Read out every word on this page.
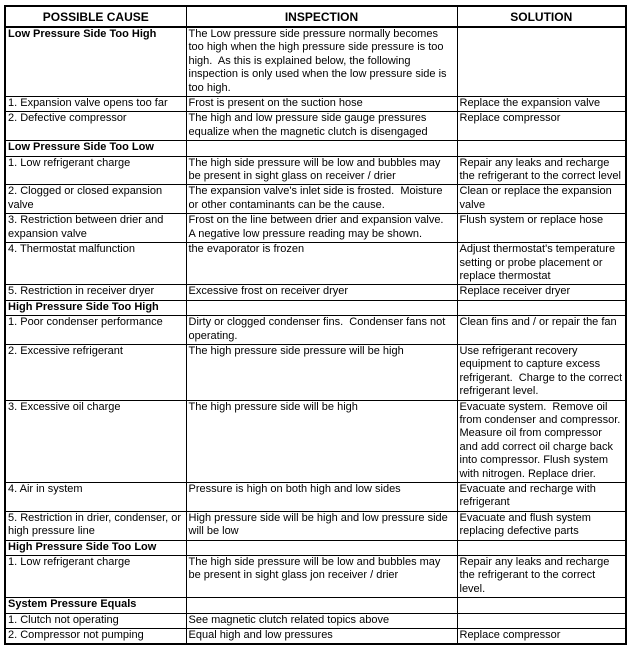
POSSIBLE CAUSE	INSPECTION	SOLUTION
Low Pressure Side Too High	The Low pressure side pressure normally becomes too high when the high pressure side pressure is too high.  As this is explained below, the following inspection is only used when the low pressure side is too high.	
1. Expansion valve opens too far	Frost is present on the suction hose	Replace the expansion valve
2. Defective compressor	The high and low pressure side gauge pressures equalize when the magnetic clutch is disengaged	Replace compressor
Low Pressure Side Too Low		
1. Low refrigerant charge	The high side pressure will be low and bubbles may be present in sight glass on receiver / drier	Repair any leaks and recharge the refrigerant to the correct level
2. Clogged or closed expansion valve	The expansion valve's inlet side is frosted.  Moisture or other contaminants can be the cause.	Clean or replace the expansion valve
3. Restriction between drier and expansion valve	Frost on the line between drier and expansion valve.  A negative low pressure reading may be shown.	Flush system or replace hose
4. Thermostat malfunction	the evaporator is frozen	Adjust thermostat's temperature setting or probe placement or replace thermostat
5. Restriction in receiver dryer	Excessive frost on receiver dryer	Replace receiver dryer
High Pressure Side Too High		
1. Poor condenser performance	Dirty or clogged condenser fins.  Condenser fans not operating.	Clean fins and / or repair the fan
2. Excessive refrigerant	The high pressure side pressure will be high	Use refrigerant recovery equipment to capture excess refrigerant.  Charge to the correct refrigerant level.
3. Excessive oil charge	The high pressure side will be high	Evacuate system.  Remove oil from condenser and compressor.  Measure oil from compressor and add correct oil charge back into compressor. Flush system with nitrogen. Replace drier.
4. Air in system	Pressure is high on both high and low sides	Evacuate and recharge with refrigerant
5. Restriction in drier, condenser, or high pressure line	High pressure side will be high and low pressure side will be low	Evacuate and flush system replacing defective parts
High Pressure Side Too Low		
1. Low refrigerant charge	The high side pressure will be low and bubbles may be present in sight glass jon receiver / drier	Repair any leaks and recharge the refrigerant to the correct level.
System Pressure Equals		
1. Clutch not operating	See magnetic clutch related topics above	
2. Compressor not pumping	Equal high and low pressures	Replace compressor
